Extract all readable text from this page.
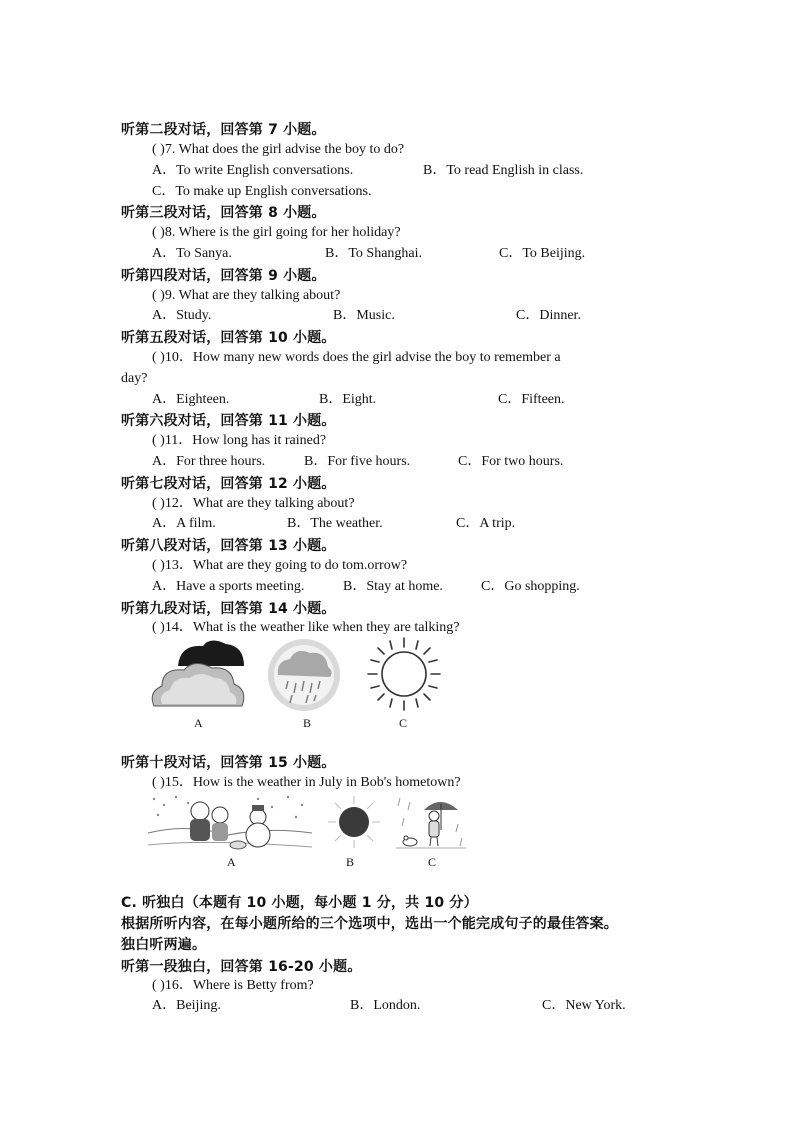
听第二段对话，回答第 7 小题。
( )7. What does the girl advise the boy to do?
A．To write English conversations.	B．To read English in class.
C．To make up English conversations.
听第三段对话，回答第 8 小题。
( )8. Where is the girl going for her holiday?
A．To Sanya.	B．To Shanghai.	C．To Beijing.
听第四段对话，回答第 9 小题。
( )9. What are they talking about?
A．Study.	B．Music.	C．Dinner.
听第五段对话，回答第 10 小题。
( )10．How many new words does the girl advise the boy to remember a
day?
A．Eighteen.	B．Eight.	C．Fifteen.
听第六段对话，回答第 11 小题。
( )11．How long has it rained?
A．For three hours.	B．For five hours.	C．For two hours.
听第七段对话，回答第 12 小题。
( )12．What are they talking about?
A．A film.	B．The weather.	C．A trip.
听第八段对话，回答第 13 小题。
( )13．What are they going to do tom.orrow?
A．Have a sports meeting.	B．Stay at home.	C．Go shopping.
听第九段对话，回答第 14 小题。
( )14．What is the weather like when they are talking?
A	B	C
听第十段对话，回答第 15 小题。
( )15．How is the weather in July in Bob's hometown?
A	B	C
C. 听独白（本题有 10 小题，每小题 1 分，共 10 分）
根据所听内容，在每小题所给的三个选项中，选出一个能完成句子的最佳答案。
独白听两遍。
听第一段独白，回答第 16-20 小题。
( )16．Where is Betty from?
A．Beijing.	B．London.	C．New York.
